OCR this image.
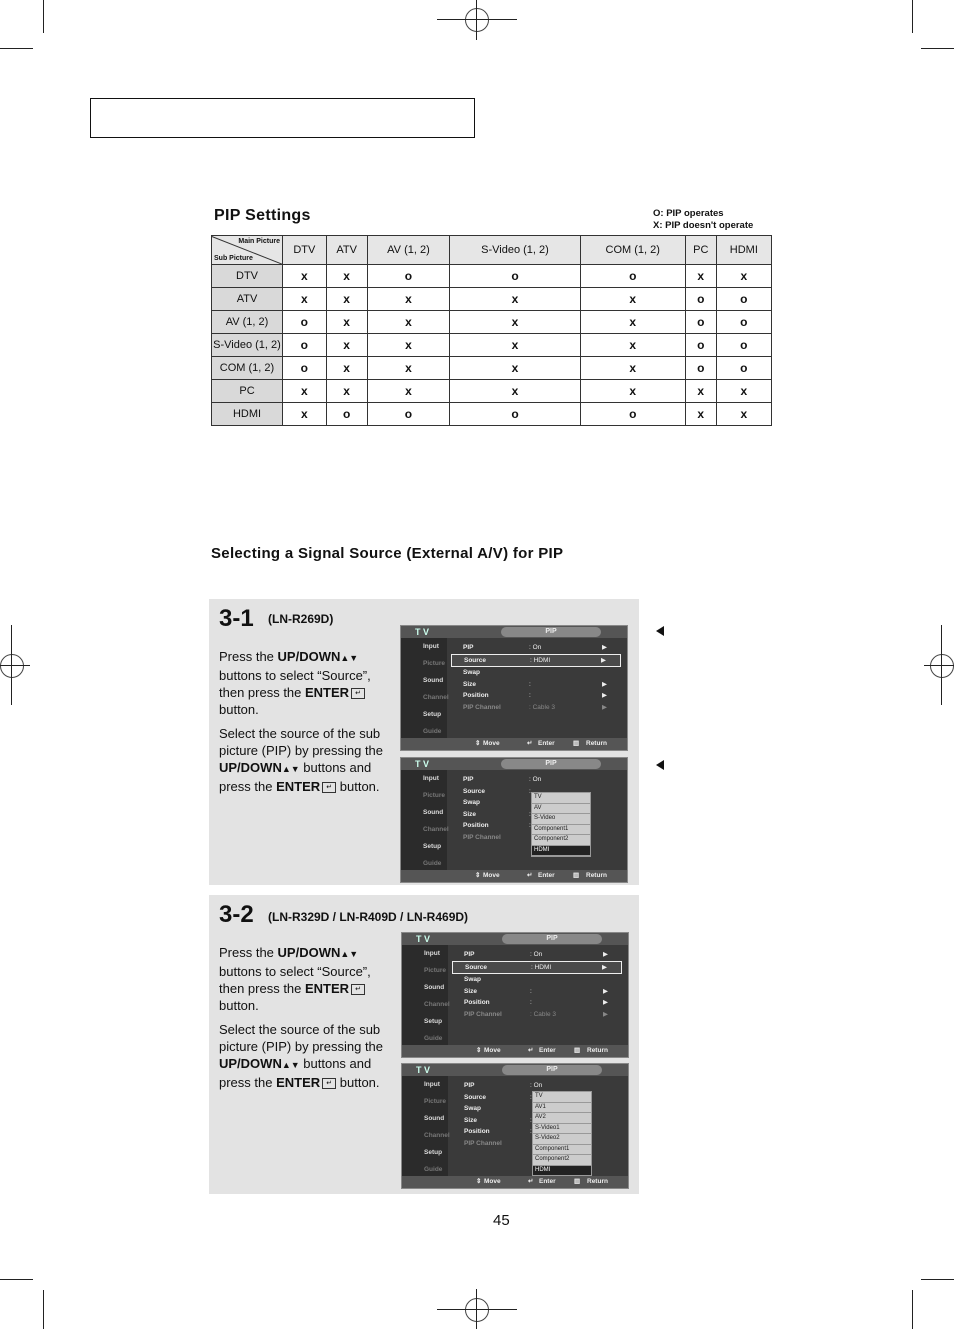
PIP Settings	O: PIP operates
X: PIP doesn't operate
Main Picture
Sub Picture	DTV	ATV	AV (1, 2)	S-Video (1, 2)	COM (1, 2)	PC	HDMI
DTV	x	x	o	o	o	x	x
ATV	x	x	x	x	x	o	o
AV (1, 2)	o	x	x	x	x	o	o
S-Video (1, 2)	o	x	x	x	x	o	o
COM (1, 2)	o	x	x	x	x	o	o
PC	x	x	x	x	x	x	x
HDMI	x	o	o	o	o	x	x
Selecting a Signal Source (External A/V) for PIP
3-1 (LN-R269D)

Press the UP/DOWN▲▼ buttons to select “Source”, then press the ENTER ↵ button.

Select the source of the sub picture (PIP) by pressing the UP/DOWN▲▼ buttons and press the ENTER ↵ button.

3-2 (LN-R329D / LN-R409D / LN-R469D)

Press the UP/DOWN▲▼ buttons to select “Source”, then press the ENTER ↵ button.

Select the source of the sub picture (PIP) by pressing the UP/DOWN▲▼ buttons and press the ENTER ↵ button.

T V	PIP
Input
Picture
Sound
Channel
Setup
Guide
PIP	: On	▶
Source	: HDMI	▶
Swap
Size	:	▶
Position	:	▶
PIP Channel	: Cable 3	▶
⇕ Move	↵ Enter	▥ Return
T V	PIP
Input
Picture
Sound
Channel
Setup
Guide
PIP	: On
Source	:
Swap
Size	:
Position	:
PIP Channel
TV
AV
S-Video
Component1
Component2
HDMI
⇕ Move	↵ Enter	▥ Return
T V	PIP
Input
Picture
Sound
Channel
Setup
Guide
PIP	: On	▶
Source	: HDMI	▶
Swap
Size	:	▶
Position	:	▶
PIP Channel	: Cable 3	▶
⇕ Move	↵ Enter	▥ Return
T V	PIP
Input
Picture
Sound
Channel
Setup
Guide
PIP	: On
Source	:
Swap
Size	:
Position	:
PIP Channel
TV
AV1
AV2
S-Video1
S-Video2
Component1
Component2
HDMI
⇕ Move	↵ Enter	▥ Return
45
